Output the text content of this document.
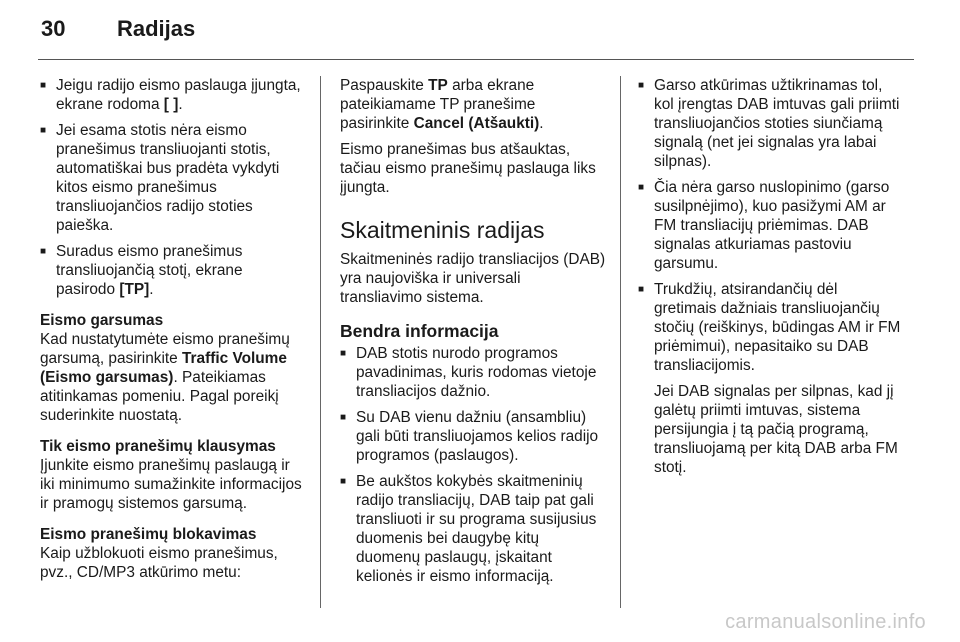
30 Radijas
■ Jeigu radijo eismo paslauga įjungta, ekrane rodoma [ ].
■ Jei esama stotis nėra eismo pranešimus transliuojanti stotis, automatiškai bus pradėta vykdyti kitos eismo pranešimus transliuojančios radijo stoties paieška.
■ Suradus eismo pranešimus transliuojančią stotį, ekrane pasirodo [TP].

Eismo garsumas

Kad nustatytumėte eismo pranešimų garsumą, pasirinkite Traffic Volume (Eismo garsumas). Pateikiamas atitinkamas pomeniu. Pagal poreikį suderinkite nuostatą.

Tik eismo pranešimų klausymas

Įjunkite eismo pranešimų paslaugą ir iki minimumo sumažinkite informacijos ir pramogų sistemos garsumą.

Eismo pranešimų blokavimas

Kaip užblokuoti eismo pranešimus, pvz., CD/MP3 atkūrimo metu:

Paspauskite TP arba ekrane pateikiamame TP pranešime pasirinkite Cancel (Atšaukti).

Eismo pranešimas bus atšauktas, tačiau eismo pranešimų paslauga liks įjungta.

Skaitmeninis radijas

Skaitmeninės radijo transliacijos (DAB) yra naujoviška ir universali transliavimo sistema.

Bendra informacija
■ DAB stotis nurodo programos pavadinimas, kuris rodomas vietoje transliacijos dažnio.
■ Su DAB vienu dažniu (ansambliu) gali būti transliuojamos kelios radijo programos (paslaugos).
■ Be aukštos kokybės skaitmeninių radijo transliacijų, DAB taip pat gali transliuoti ir su programa susijusius duomenis bei daugybę kitų duomenų paslaugų, įskaitant kelionės ir eismo informaciją.
■ Garso atkūrimas užtikrinamas tol, kol įrengtas DAB imtuvas gali priimti transliuojančios stoties siunčiamą signalą (net jei signalas yra labai silpnas).
■ Čia nėra garso nuslopinimo (garso susilpnėjimo), kuo pasižymi AM ar FM transliacijų priėmimas. DAB signalas atkuriamas pastoviu garsumu.
■ Trukdžių, atsirandančių dėl gretimais dažniais transliuojančių stočių (reiškinys, būdingas AM ir FM priėmimui), nepasitaiko su DAB transliacijomis.

Jei DAB signalas per silpnas, kad jį galėtų priimti imtuvas, sistema persijungia į tą pačią programą, transliuojamą per kitą DAB arba FM stotį.

carmanualsonline.info
